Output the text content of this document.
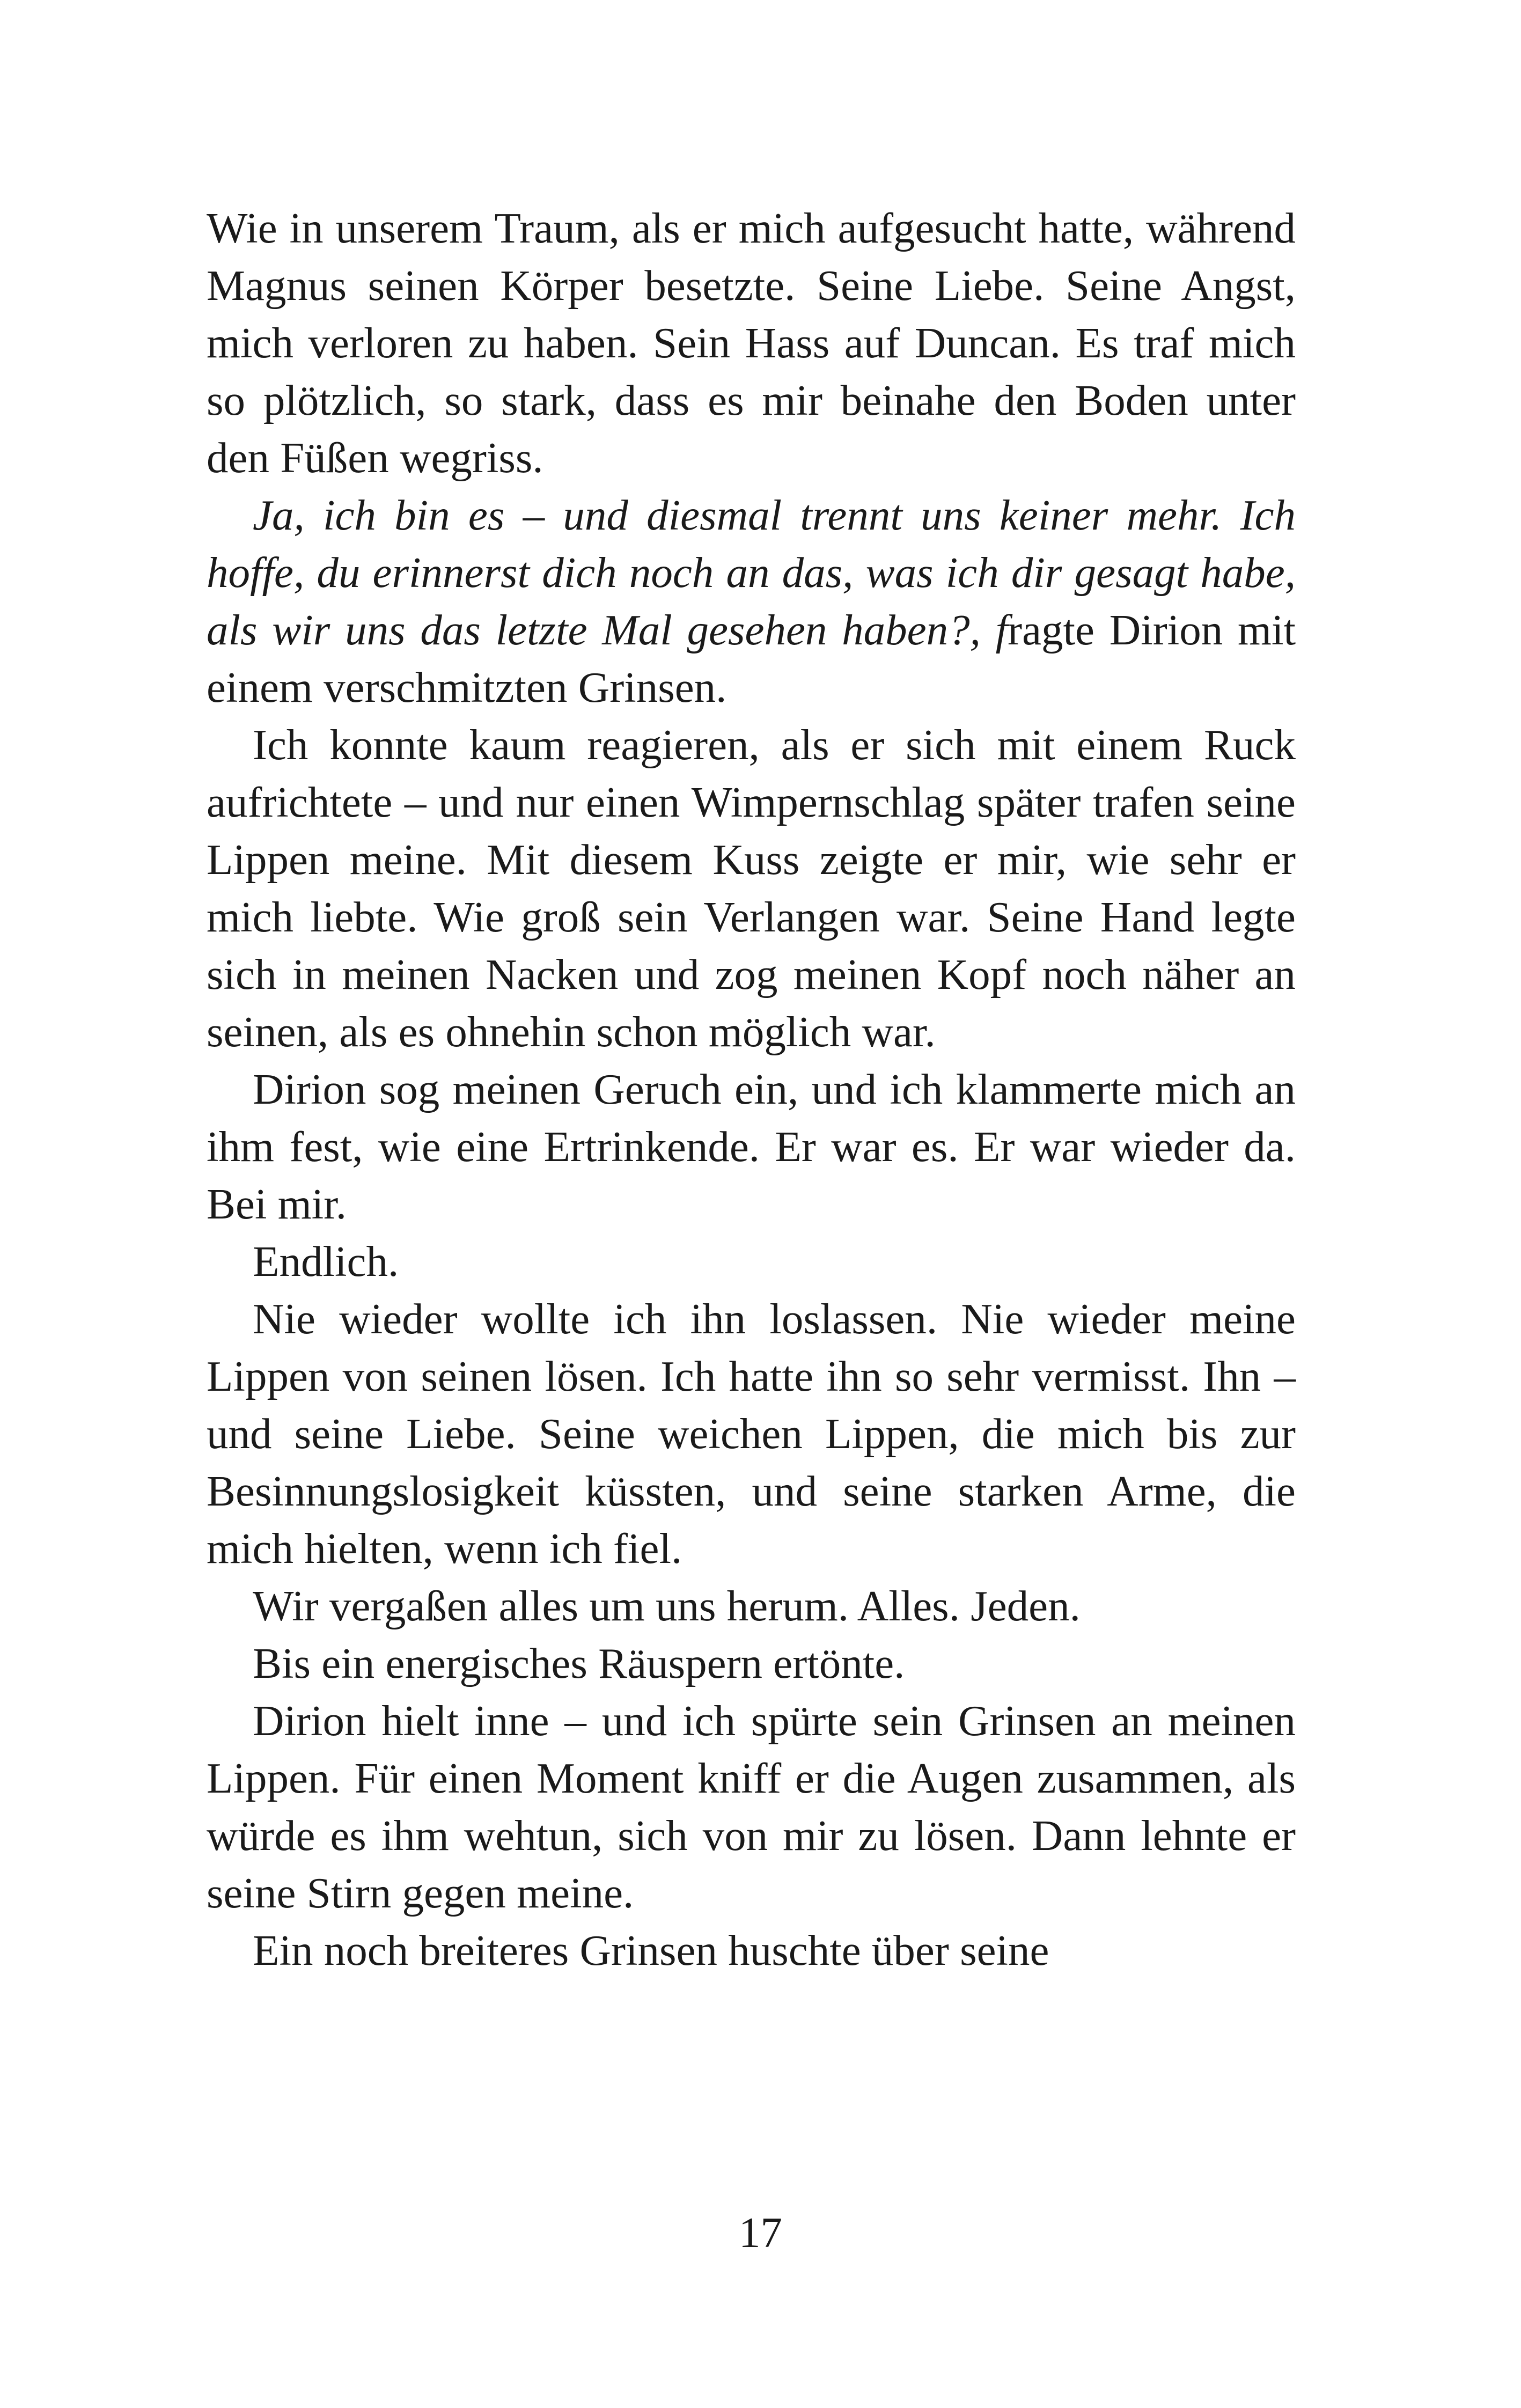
Wie in unserem Traum, als er mich aufgesucht hatte, während Magnus seinen Körper besetzte. Seine Liebe. Seine Angst, mich verloren zu haben. Sein Hass auf Duncan. Es traf mich so plötzlich, so stark, dass es mir beinahe den Boden unter den Füßen wegriss.

Ja, ich bin es – und diesmal trennt uns keiner mehr. Ich hoffe, du erinnerst dich noch an das, was ich dir gesagt habe, als wir uns das letzte Mal gesehen haben?, fragte Dirion mit einem verschmitzten Grinsen.

Ich konnte kaum reagieren, als er sich mit einem Ruck aufrichtete – und nur einen Wimpernschlag später trafen seine Lippen meine. Mit diesem Kuss zeigte er mir, wie sehr er mich liebte. Wie groß sein Verlangen war. Seine Hand legte sich in meinen Nacken und zog meinen Kopf noch näher an seinen, als es ohnehin schon möglich war.

Dirion sog meinen Geruch ein, und ich klammerte mich an ihm fest, wie eine Ertrinkende. Er war es. Er war wieder da. Bei mir.

Endlich.

Nie wieder wollte ich ihn loslassen. Nie wieder meine Lippen von seinen lösen. Ich hatte ihn so sehr vermisst. Ihn – und seine Liebe. Seine weichen Lippen, die mich bis zur Besinnungslosigkeit küssten, und seine starken Arme, die mich hielten, wenn ich fiel.

Wir vergaßen alles um uns herum. Alles. Jeden.

Bis ein energisches Räuspern ertönte.

Dirion hielt inne – und ich spürte sein Grinsen an meinen Lippen. Für einen Moment kniff er die Augen zusammen, als würde es ihm wehtun, sich von mir zu lösen. Dann lehnte er seine Stirn gegen meine.

Ein noch breiteres Grinsen huschte über seine

17
